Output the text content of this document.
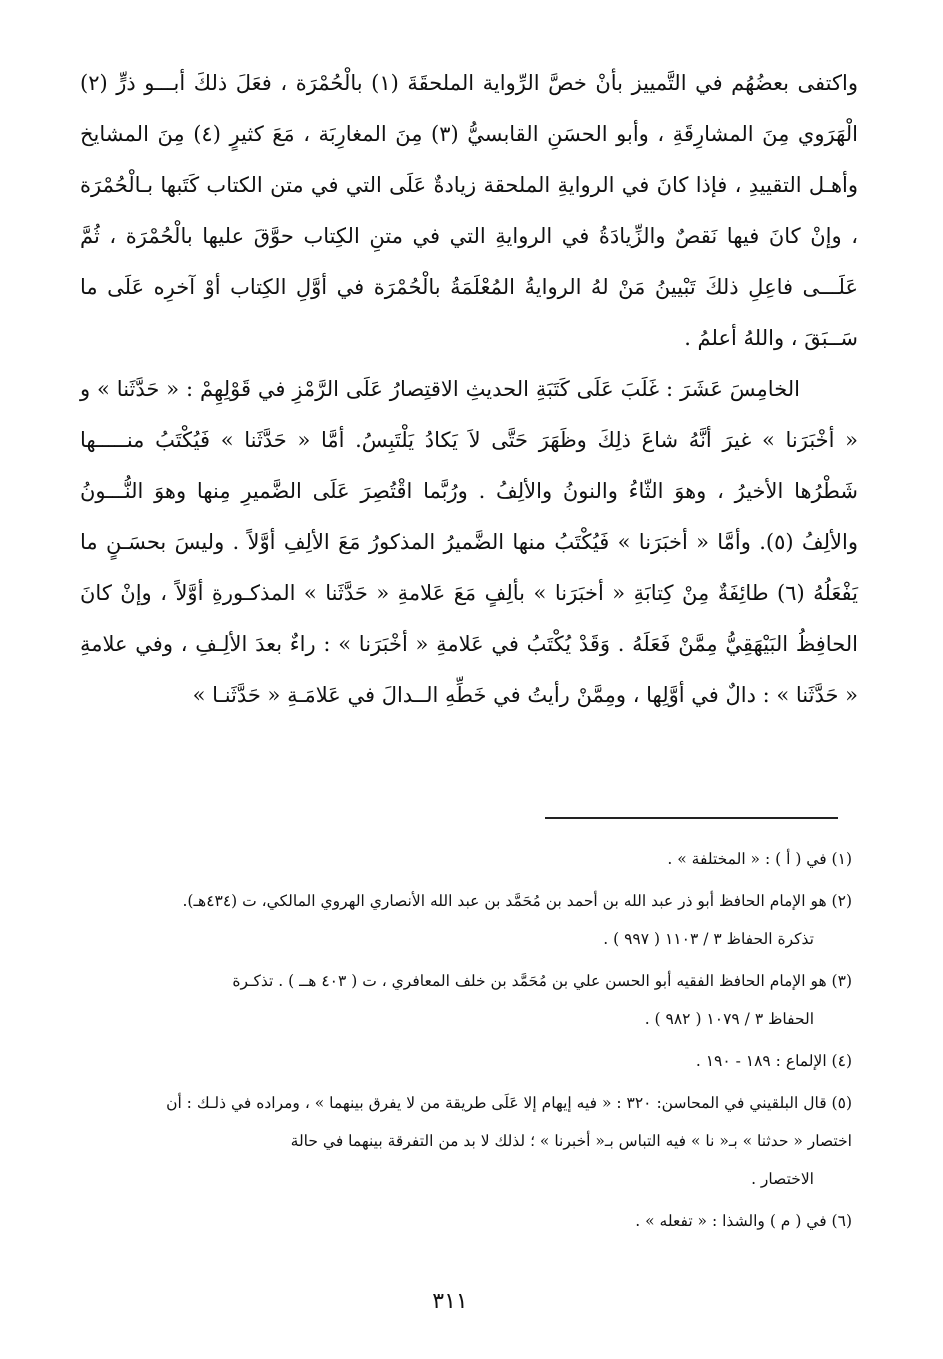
واكتفى بعضُهُم في التَّمييز بأنْ خصَّ الرِّواية الملحقَةَ (١) بالْحُمْرَة ، فعَلَ ذلكَ أبـــو ذرٍّ (٢) الْهَرَوي مِنَ المشارِقَةِ ، وأبو الحسَنِ القابسيُّ (٣) مِنَ المغارِبَة ، مَعَ كثيرٍ (٤) مِنَ المشايخ وأهـل التقييدِ ، فإذا كانَ في الروايةِ الملحقة زيادةٌ عَلَى التي في متن الكتاب كَتَبها بـالْحُمْرَة ، وإنْ كانَ فيها نَقصٌ والزِّيادَةُ في الروايةِ التي في متنِ الكِتاب حوَّقَ عليها بالْحُمْرَة ، ثُمَّ عَلَـــى فاعِلِ ذلكَ تَبْيينُ مَنْ لهُ الروايةُ المُعْلَمَةُ بالْحُمْرَة في أوَّلِ الكِتاب أوْ آخرِه عَلَى ما سَــبَقَ ، واللهُ أعلمُ .

الخامِسَ عَشَرَ : غَلَبَ عَلَى كَتَبَةِ الحديثِ الاقتِصارُ عَلَى الرَّمْزِ في قَوْلِهِمْ : « حَدَّثَنا » و « أخْبَرَنا » غيرَ أنَّهُ شاعَ ذلِكَ وظَهَرَ حَتَّى لاَ يَكادُ يَلْتَبِسُ. أمَّا « حَدَّثَنا » فَيُكْتَبُ منـــــها شَطْرُها الأخيرُ ، وهوَ الثّاءُ والنونُ والألِفُ . ورُبَّما اقْتُصِرَ عَلَى الضَّميرِ مِنها وهوَ النُّـــونُ والألِفُ (٥). وأمَّا « أخبَرَنا » فَيُكْتَبُ منها الضَّميرُ المذكورُ مَعَ الألِفِ أوَّلاً . وليسَ بحسَـنٍ ما يَفْعَلُهُ (٦) طائِفَةٌ مِنْ كِتابَةِ « أخبَرَنا » بألِفٍ مَعَ عَلامةِ « حَدَّثَنا » المذكـورةِ أوَّلاً ، وإنْ كانَ الحافِظُ البَيْهَقِيُّ مِمَّنْ فَعَلَهُ . وَقَدْ يُكْتَبُ في عَلامةِ « أخْبَرَنا » : راءٌ بعدَ الألِـفِ ، وفي علامةِ « حَدَّثَنا » : دالٌ في أوَّلِها ، ومِمَّنْ رأيتُ في خَطِّهِ الــدالَ في عَلامَـةِ « حَدَّثَنـا »

(١) في ( أ ) : « المختلفة » .

(٢) هو الإمام الحافظ أبو ذر عبد الله بن أحمد بن مُحَمَّد بن عبد الله الأنصاري الهروي المالكي، ت (٤٣٤هـ).
تذكرة الحفاظ ٣ / ١١٠٣ ( ٩٩٧ ) .

(٣) هو الإمام الحافظ الفقيه أبو الحسن علي بن مُحَمَّد بن خلف المعافري ، ت ( ٤٠٣ هــ ) . تذكـرة
الحفاظ ٣ / ١٠٧٩ ( ٩٨٢ ) .

(٤) الإلماع : ١٨٩ - ١٩٠ .

(٥) قال البلقيني في المحاسن: ٣٢٠ : « فيه إيهام إلا عَلَى طريقة من لا يفرق بينهما » ، ومراده في ذلـك : أن
اختصار « حدثنا » بـ« نا » فيه التباس بـ« أخبرنا » ؛ لذلك لا بد من التفرقة بينهما في حالة
الاختصار .

(٦) في ( م ) والشذا : « تفعله » .

٣١١
